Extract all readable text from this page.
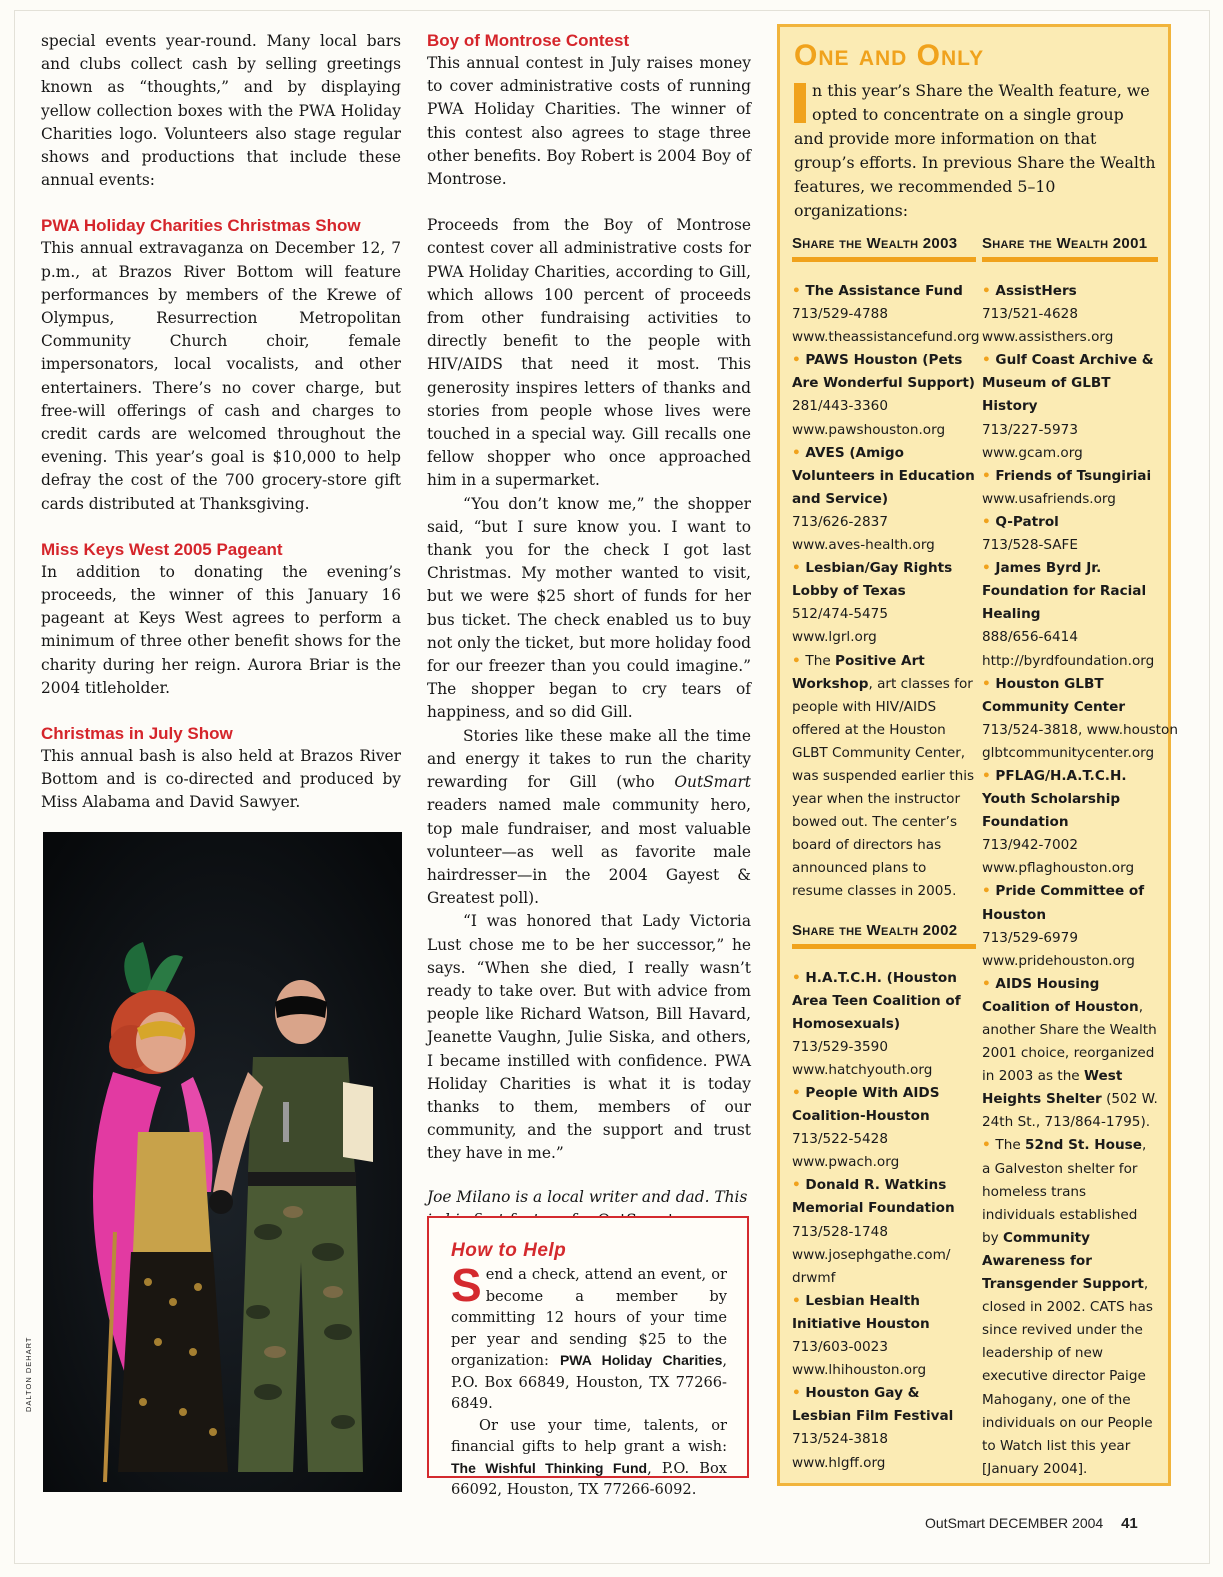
special events year-round. Many local bars and clubs collect cash by selling greetings known as “thoughts,” and by displaying yellow collection boxes with the PWA Holiday Charities logo. Volunteers also stage regular shows and productions that include these annual events:

PWA Holiday Charities Christmas Show

This annual extravaganza on December 12, 7 p.m., at Brazos River Bottom will feature performances by members of the Krewe of Olympus, Resurrection Metropolitan Community Church choir, female impersonators, local vocalists, and other entertainers. There’s no cover charge, but free-will offerings of cash and charges to credit cards are welcomed throughout the evening. This year’s goal is $10,000 to help defray the cost of the 700 grocery-store gift cards distributed at Thanksgiving.

Miss Keys West 2005 Pageant

In addition to donating the evening’s proceeds, the winner of this January 16 pageant at Keys West agrees to perform a minimum of three other benefit shows for the charity during her reign. Aurora Briar is the 2004 titleholder.

Christmas in July Show

This annual bash is also held at Brazos River Bottom and is co-directed and produced by Miss Alabama and David Sawyer.

DALTON DEHART

Boy of Montrose Contest

This annual contest in July raises money to cover administrative costs of running PWA Holiday Charities. The winner of this contest also agrees to stage three other benefits. Boy Robert is 2004 Boy of Montrose.

Proceeds from the Boy of Montrose contest cover all administrative costs for PWA Holiday Charities, according to Gill, which allows 100 percent of proceeds from other fundraising activities to directly benefit to the people with HIV/AIDS that need it most. This generosity inspires letters of thanks and stories from people whose lives were touched in a special way. Gill recalls one fellow shopper who once approached him in a supermarket.

“You don’t know me,” the shopper said, “but I sure know you. I want to thank you for the check I got last Christmas. My mother wanted to visit, but we were $25 short of funds for her bus ticket. The check enabled us to buy not only the ticket, but more holiday food for our freezer than you could imagine.” The shopper began to cry tears of happiness, and so did Gill.

Stories like these make all the time and energy it takes to run the charity rewarding for Gill (who OutSmart readers named male community hero, top male fundraiser, and most valuable volunteer—as well as favorite male hairdresser—in the 2004 Gayest & Greatest poll).

“I was honored that Lady Victoria Lust chose me to be her successor,” he says. “When she died, I really wasn’t ready to take over. But with advice from people like Richard Watson, Bill Havard, Jeanette Vaughn, Julie Siska, and others, I became instilled with confidence. PWA Holiday Charities is what it is today thanks to them, members of our community, and the support and trust they have in me.”

Joe Milano is a local writer and dad. This

How to Help

Send a check, attend an event, or become a member by committing 12 hours of your time per year and sending $25 to the organization: PWA Holiday Charities, P.O. Box 66849, Houston, TX 77266-6849.

Or use your time, talents, or financial gifts to help grant a wish: The Wishful Thinking Fund, P.O. Box 66092, Houston, TX 77266-6092.

One and Only

I	n this year’s Share the Wealth feature, we opted to concentrate on a single group and provide more information on that group’s efforts. In previous Share the Wealth features, we recommended 5–10 organizations:

Share the Wealth 2003

• The Assistance Fund
713/529-4788
www.theassistancefund.org

• PAWS Houston (Pets Are Wonderful Support)
281/443-3360
www.pawshouston.org

• AVES (Amigo Volunteers in Education and Service)
713/626-2837
www.aves-health.org

• Lesbian/Gay Rights Lobby of Texas
512/474-5475
www.lgrl.org

• The Positive Art Workshop, art classes for people with HIV/AIDS offered at the Houston GLBT Community Center, was suspended earlier this year when the instructor bowed out. The center’s board of directors has announced plans to resume classes in 2005.

Share the Wealth 2002

• H.A.T.C.H. (Houston Area Teen Coalition of Homosexuals)
713/529-3590
www.hatchyouth.org

• People With AIDS Coalition-Houston
713/522-5428
www.pwach.org

• Donald R. Watkins Memorial Foundation
713/528-1748
www.josephgathe.com/
drwmf

• Lesbian Health Initiative Houston
713/603-0023
www.lhihouston.org

• Houston Gay & Lesbian Film Festival
713/524-3818
www.hlgff.org

Share the Wealth 2001

• AssistHers
713/521-4628
www.assisthers.org

• Gulf Coast Archive & Museum of GLBT History
713/227-5973
www.gcam.org

• Friends of Tsungiriai
www.usafriends.org

• Q-Patrol
713/528-SAFE

• James Byrd Jr. Foundation for Racial Healing
888/656-6414
http://byrdfoundation.org

• Houston GLBT Community Center
713/524-3818, www.houston
glbtcommunitycenter.org

• PFLAG/H.A.T.C.H. Youth Scholarship Foundation
713/942-7002
www.pflaghouston.org

• Pride Committee of Houston
713/529-6979
www.pridehouston.org

• AIDS Housing Coalition of Houston, another Share the Wealth 2001 choice, reorganized in 2003 as the West Heights Shelter (502 W. 24th St., 713/864-1795).

• The 52nd St. House, a Galveston shelter for homeless trans individuals established by Community Awareness for Transgender Support, closed in 2002. CATS has since revived under the leadership of new executive director Paige Mahogany, one of the individuals on our People to Watch list this year [January 2004].

OutSmart DECEMBER 2004 41
